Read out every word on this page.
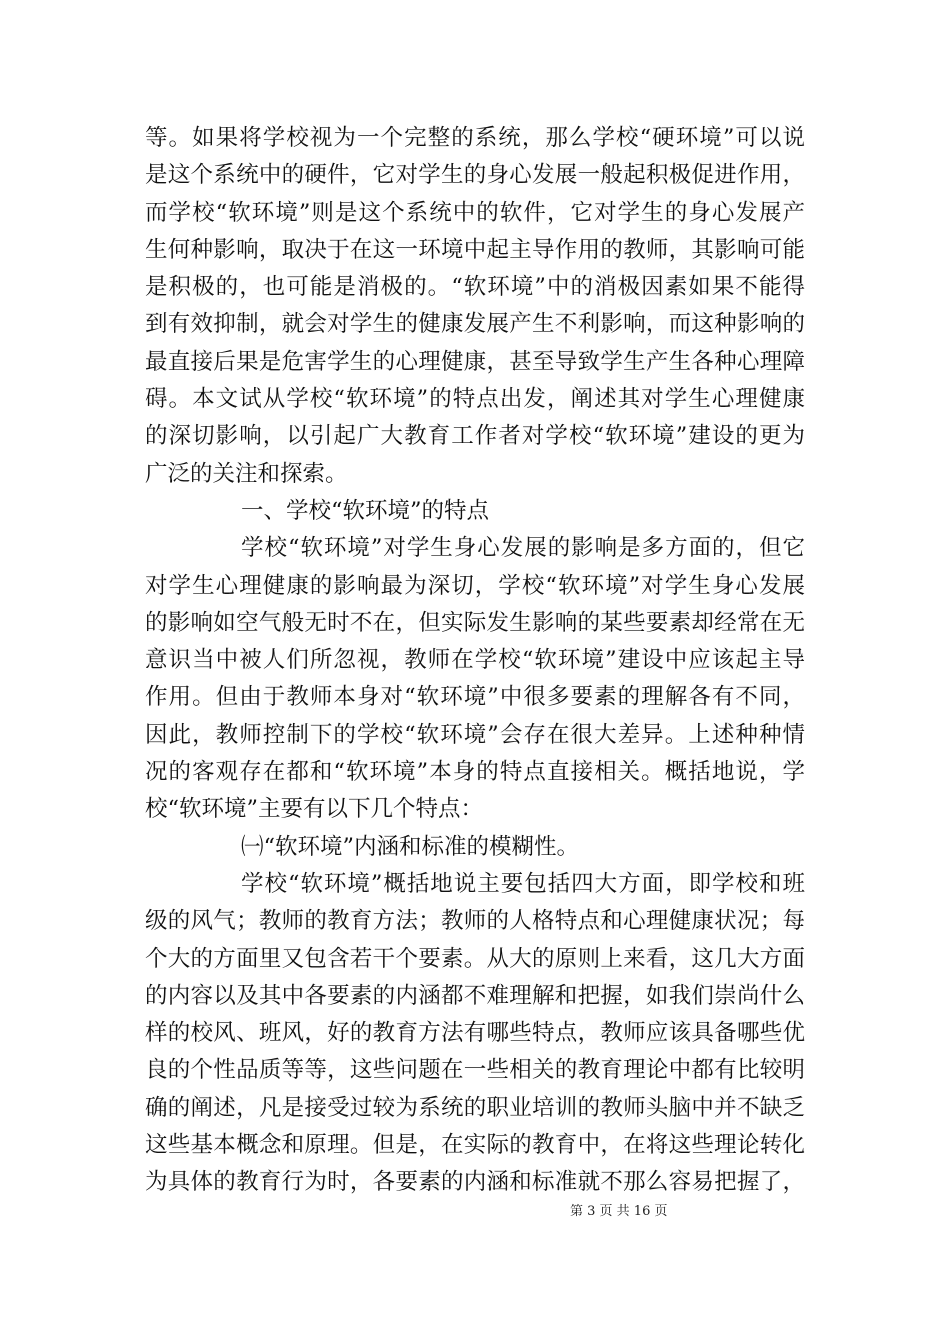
等。如果将学校视为一个完整的系统，那么学校“硬环境”可以说
是这个系统中的硬件，它对学生的身心发展一般起积极促进作用，
而学校“软环境”则是这个系统中的软件，它对学生的身心发展产
生何种影响，取决于在这一环境中起主导作用的教师，其影响可能
是积极的，也可能是消极的。“软环境”中的消极因素如果不能得
到有效抑制，就会对学生的健康发展产生不利影响，而这种影响的
最直接后果是危害学生的心理健康，甚至导致学生产生各种心理障
碍。本文试从学校“软环境”的特点出发，阐述其对学生心理健康
的深切影响，以引起广大教育工作者对学校“软环境”建设的更为
广泛的关注和探索。
一、学校“软环境”的特点
学校“软环境”对学生身心发展的影响是多方面的，但它
对学生心理健康的影响最为深切，学校“软环境”对学生身心发展
的影响如空气般无时不在，但实际发生影响的某些要素却经常在无
意识当中被人们所忽视，教师在学校“软环境”建设中应该起主导
作用。但由于教师本身对“软环境”中很多要素的理解各有不同，
因此，教师控制下的学校“软环境”会存在很大差异。上述种种情
况的客观存在都和“软环境”本身的特点直接相关。概括地说，学
校“软环境”主要有以下几个特点：
㈠“软环境”内涵和标准的模糊性。
学校“软环境”概括地说主要包括四大方面，即学校和班
级的风气；教师的教育方法；教师的人格特点和心理健康状况；每
个大的方面里又包含若干个要素。从大的原则上来看，这几大方面
的内容以及其中各要素的内涵都不难理解和把握，如我们崇尚什么
样的校风、班风，好的教育方法有哪些特点，教师应该具备哪些优
良的个性品质等等，这些问题在一些相关的教育理论中都有比较明
确的阐述，凡是接受过较为系统的职业培训的教师头脑中并不缺乏
这些基本概念和原理。但是，在实际的教育中，在将这些理论转化
为具体的教育行为时，各要素的内涵和标准就不那么容易把握了，
第 3 页 共 16 页
